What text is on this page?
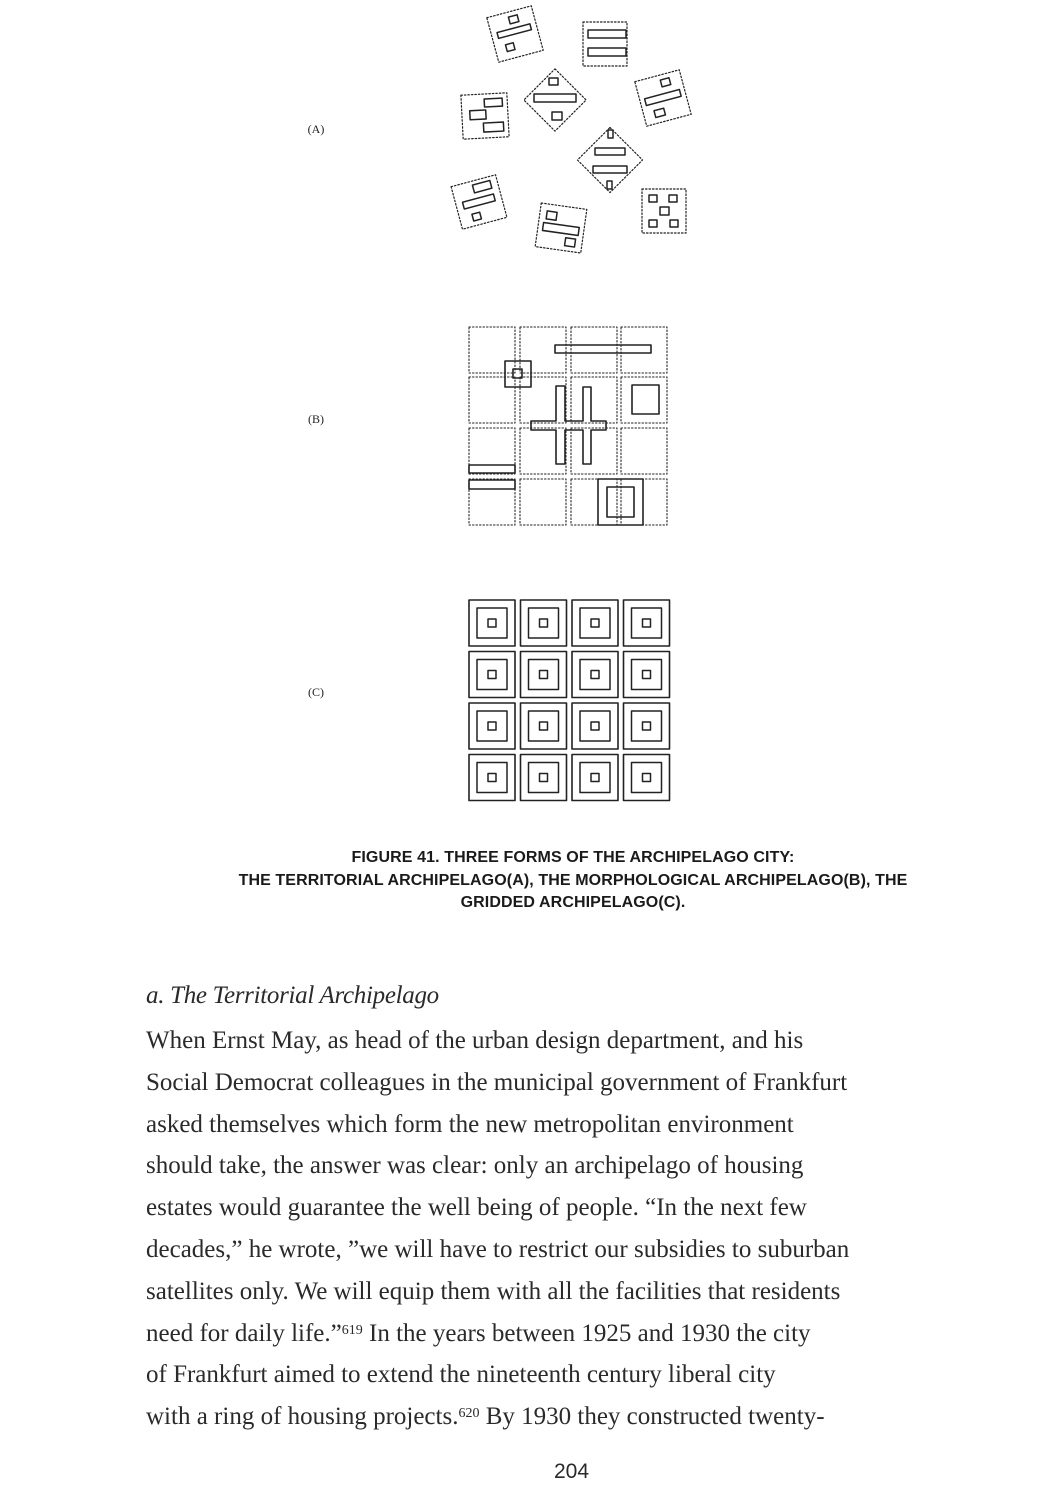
(A)
(B)
(C)
FIGURE 41. THREE FORMS OF THE ARCHIPELAGO CITY:
THE TERRITORIAL ARCHIPELAGO(A), THE MORPHOLOGICAL ARCHIPELAGO(B), THE
GRIDDED ARCHIPELAGO(C).
a. The Territorial Archipelago
When Ernst May, as head of the urban design department, and his
Social Democrat colleagues in the municipal government of Frankfurt
asked themselves which form the new metropolitan environment
should take, the answer was clear: only an archipelago of housing
estates would guarantee the well being of people. “In the next few
decades,” he wrote, ”we will have to restrict our subsidies to suburban
satellites only. We will equip them with all the facilities that residents
need for daily life.”$^{619}$ In the years between 1925 and 1930 the city
of Frankfurt aimed to extend the nineteenth century liberal city
with a ring of housing projects.$^{620}$ By 1930 they constructed twenty-
204
